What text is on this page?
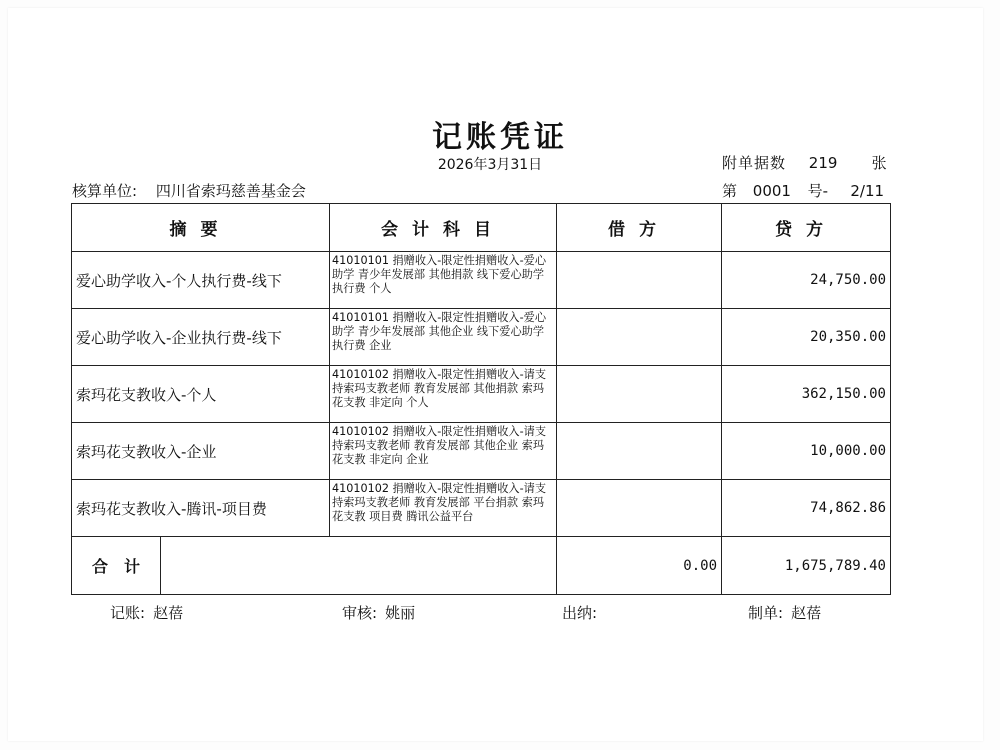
记账凭证
2026年3月31日	附单据数 219 张
核算单位: 四川省索玛慈善基金会	第 0001 号- 2/11
摘要		会计科目	借方	贷方
爱心助学收入-个人执行费-线下		41010101 捐赠收入-限定性捐赠收入-爱心助学 青少年发展部 其他捐款 线下爱心助学 执行费 个人		24,750.00
爱心助学收入-企业执行费-线下		41010101 捐赠收入-限定性捐赠收入-爱心助学 青少年发展部 其他企业 线下爱心助学 执行费 企业		20,350.00
索玛花支教收入-个人		41010102 捐赠收入-限定性捐赠收入-请支持索玛支教老师 教育发展部 其他捐款 索玛花支教 非定向 个人		362,150.00
索玛花支教收入-企业		41010102 捐赠收入-限定性捐赠收入-请支持索玛支教老师 教育发展部 其他企业 索玛花支教 非定向 企业		10,000.00
索玛花支教收入-腾讯-项目费		41010102 捐赠收入-限定性捐赠收入-请支持索玛支教老师 教育发展部 平台捐款 索玛花支教 项目费 腾讯公益平台		74,862.86
合计			0.00	1,675,789.40
记账: 赵蓓	审核: 姚丽	出纳:	制单: 赵蓓
